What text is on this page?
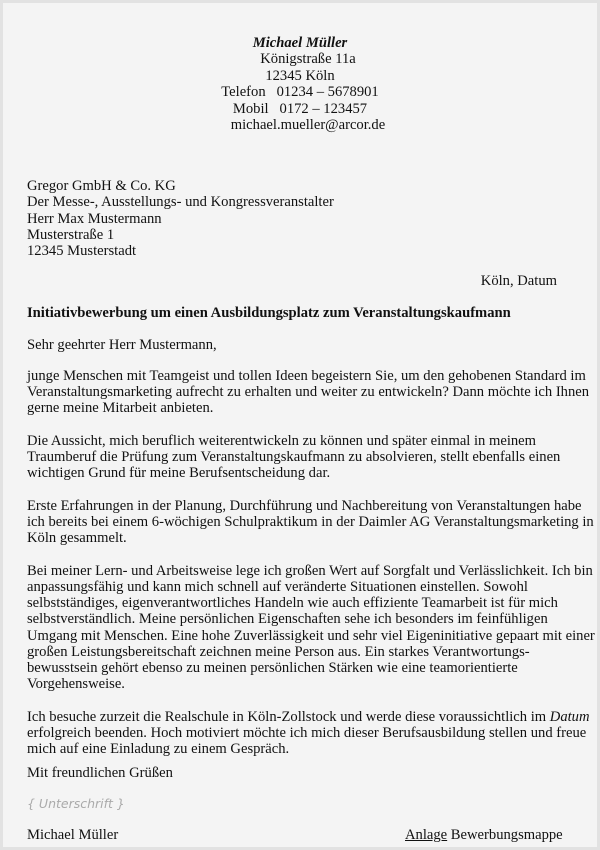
Michael Müller
Königstraße 11a
12345 Köln
Telefon   01234 – 5678901
Mobil   0172 – 123457
michael.mueller@arcor.de
Gregor GmbH & Co. KG
Der Messe-, Ausstellungs- und Kongressveranstalter
Herr Max Mustermann
Musterstraße 1
12345 Musterstadt
Köln, Datum
Initiativbewerbung um einen Ausbildungsplatz zum Veranstaltungskaufmann
Sehr geehrter Herr Mustermann,

junge Menschen mit Teamgeist und tollen Ideen begeistern Sie, um den gehobenen Standard im
Veranstaltungsmarketing aufrecht zu erhalten und weiter zu entwickeln? Dann möchte ich Ihnen
gerne meine Mitarbeit anbieten.

Die Aussicht, mich beruflich weiterentwickeln zu können und später einmal in meinem
Traumberuf die Prüfung zum Veranstaltungskaufmann zu absolvieren, stellt ebenfalls einen
wichtigen Grund für meine Berufsentscheidung dar.

Erste Erfahrungen in der Planung, Durchführung und Nachbereitung von Veranstaltungen habe
ich bereits bei einem 6-wöchigen Schulpraktikum in der Daimler AG Veranstaltungsmarketing in
Köln gesammelt.

Bei meiner Lern- und Arbeitsweise lege ich großen Wert auf Sorgfalt und Verlässlichkeit. Ich bin
anpassungsfähig und kann mich schnell auf veränderte Situationen einstellen. Sowohl
selbstständiges, eigenverantwortliches Handeln wie auch effiziente Teamarbeit ist für mich
selbstverständlich. Meine persönlichen Eigenschaften sehe ich besonders im feinfühligen
Umgang mit Menschen. Eine hohe Zuverlässigkeit und sehr viel Eigeninitiative gepaart mit einer
großen Leistungsbereitschaft zeichnen meine Person aus. Ein starkes Verantwortungs-
bewusstsein gehört ebenso zu meinen persönlichen Stärken wie eine teamorientierte
Vorgehensweise.

Ich besuche zurzeit die Realschule in Köln-Zollstock und werde diese voraussichtlich im Datum
erfolgreich beenden. Hoch motiviert möchte ich mich dieser Berufsausbildung stellen und freue
mich auf eine Einladung zu einem Gespräch.

Mit freundlichen Grüßen
{ Unterschrift }
Michael Müller	Anlage Bewerbungsmappe
